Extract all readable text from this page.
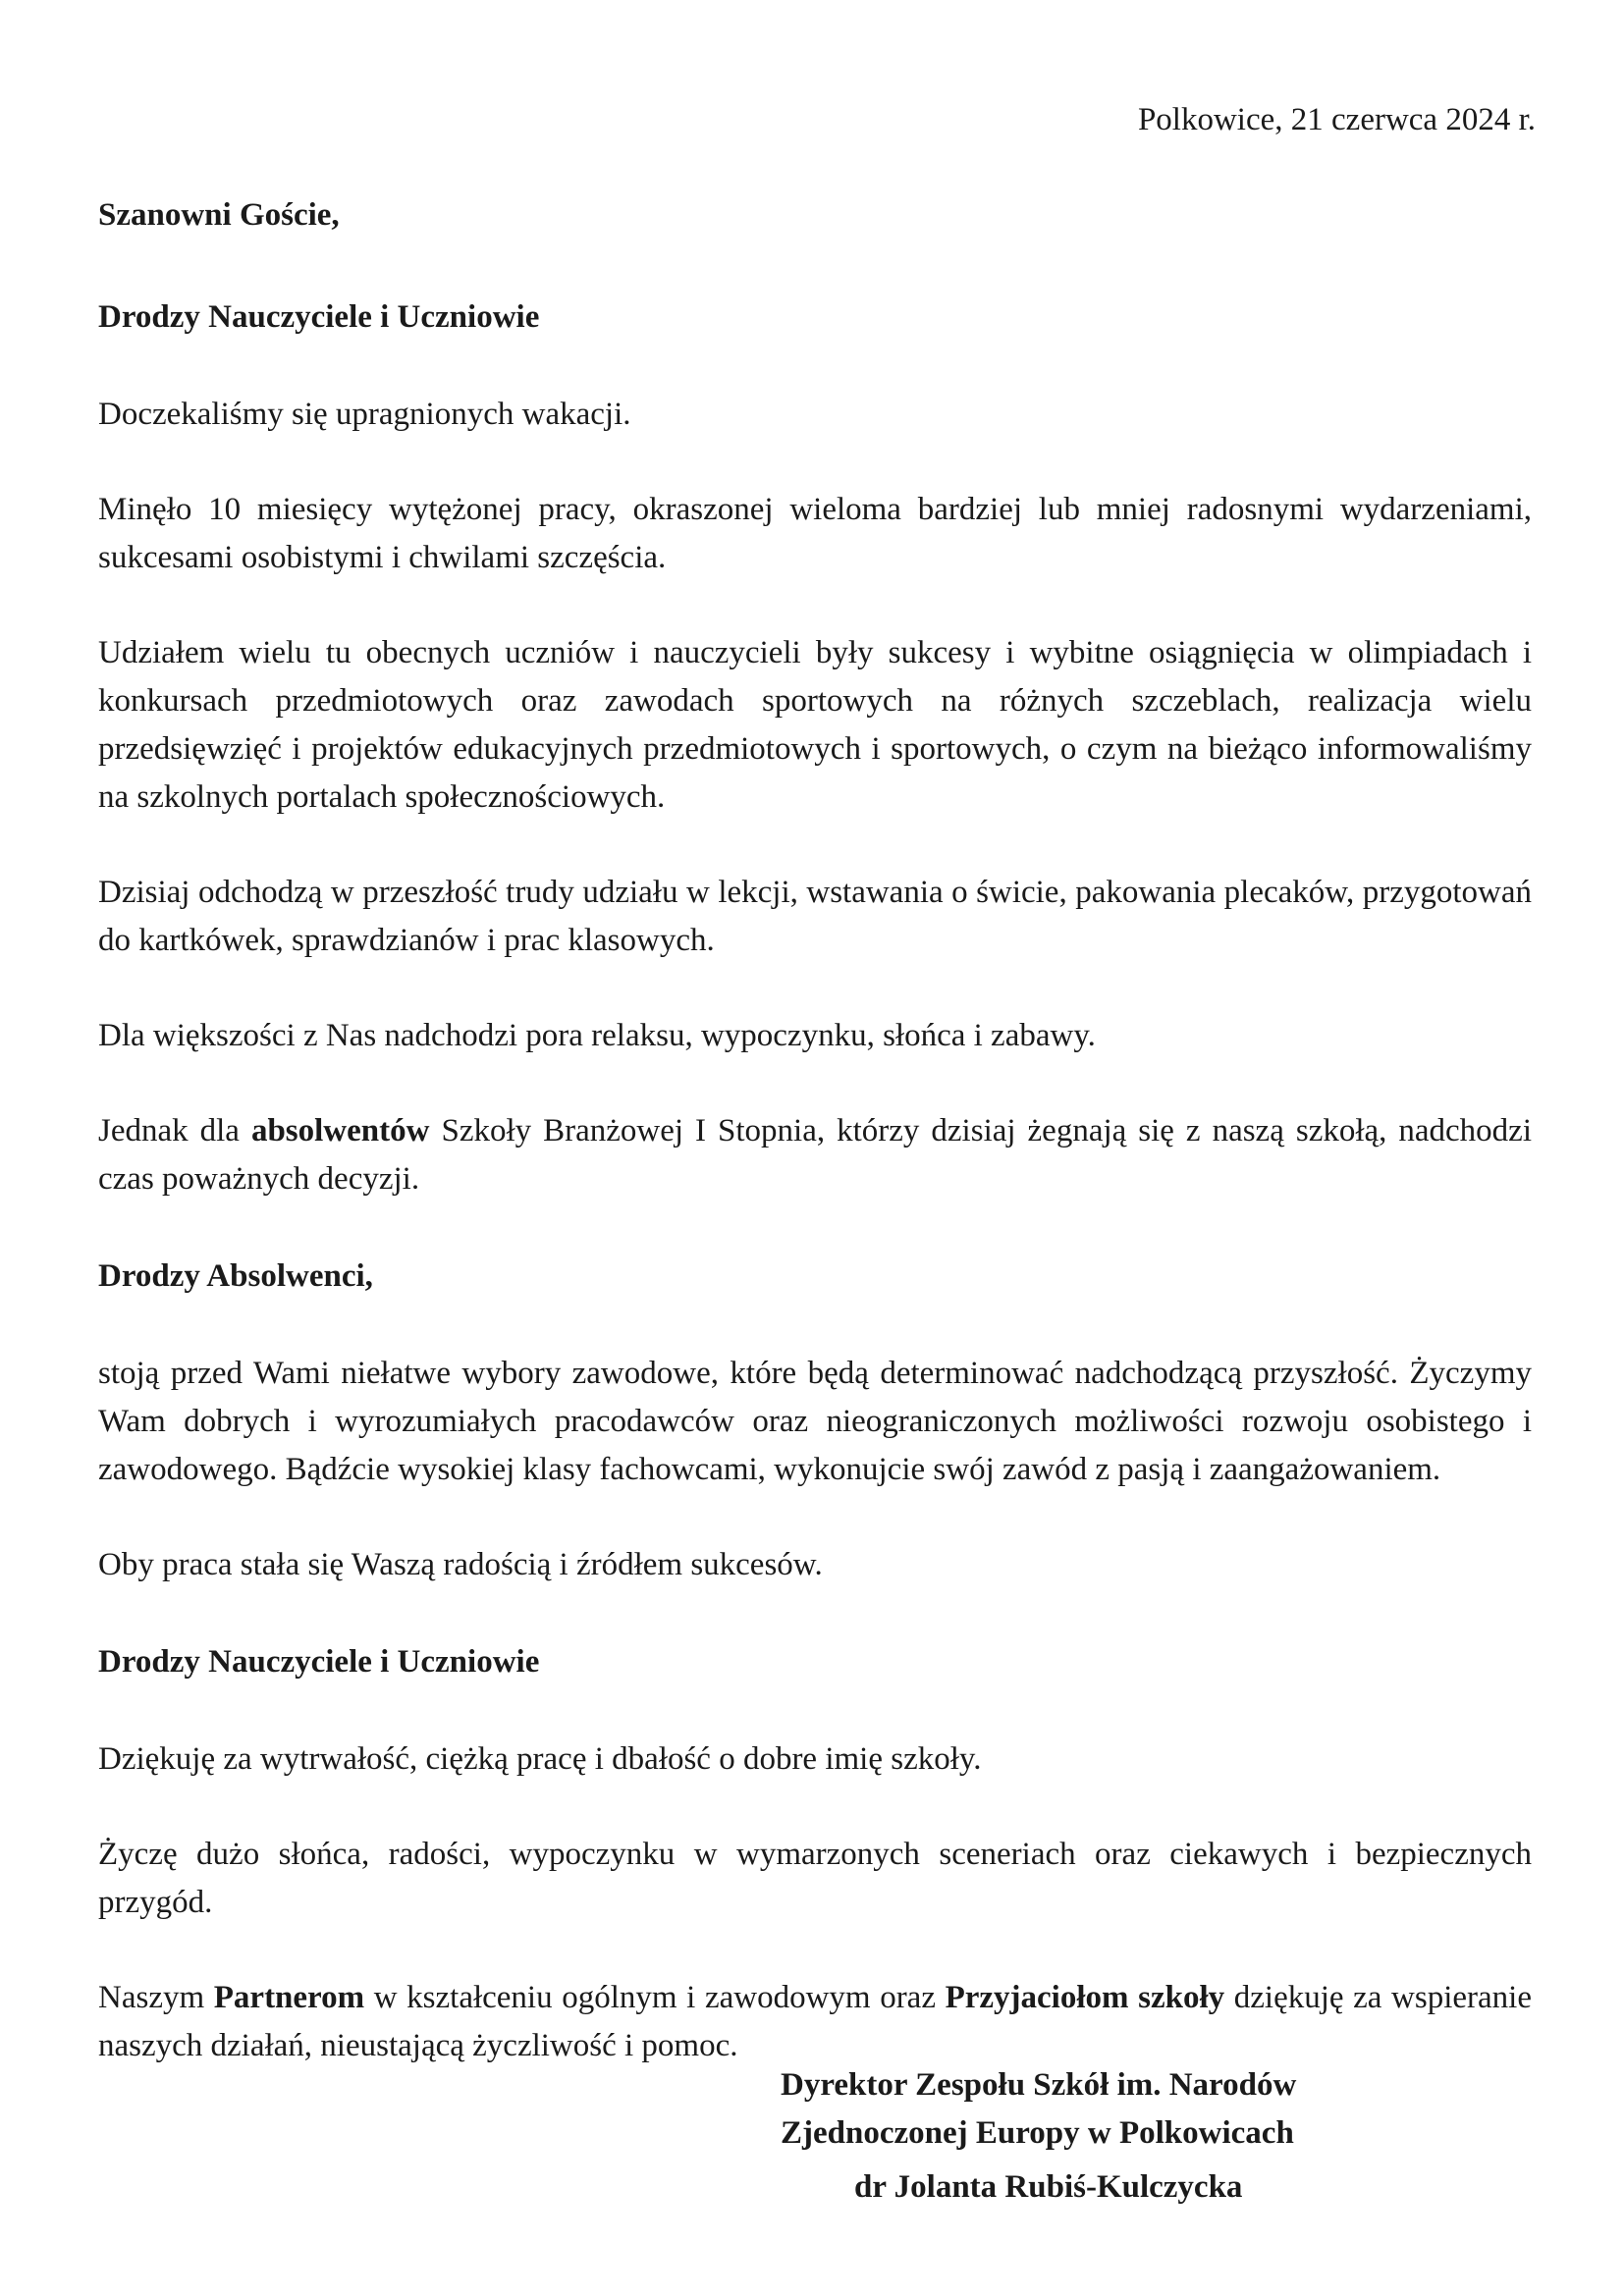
Polkowice, 21 czerwca 2024 r.

Szanowni Goście,

Drodzy Nauczyciele i Uczniowie

Doczekaliśmy się upragnionych wakacji.

Minęło 10 miesięcy wytężonej pracy, okraszonej wieloma bardziej lub mniej radosnymi wydarzeniami, sukcesami osobistymi i chwilami szczęścia.

Udziałem wielu tu obecnych uczniów i nauczycieli były sukcesy i wybitne osiągnięcia w olimpiadach i konkursach przedmiotowych oraz zawodach sportowych na różnych szczeblach, realizacja wielu przedsięwzięć i projektów edukacyjnych przedmiotowych i sportowych, o czym na bieżąco informowaliśmy na szkolnych portalach społecznościowych.

Dzisiaj odchodzą w przeszłość trudy udziału w lekcji, wstawania o świcie, pakowania plecaków, przygotowań do kartkówek, sprawdzianów i prac klasowych.

Dla większości z Nas nadchodzi pora relaksu, wypoczynku, słońca i zabawy.

Jednak dla absolwentów Szkoły Branżowej I Stopnia, którzy dzisiaj żegnają się z naszą szkołą, nadchodzi czas poważnych decyzji.

Drodzy Absolwenci,

stoją przed Wami niełatwe wybory zawodowe, które będą determinować nadchodzącą przyszłość. Życzymy Wam dobrych i wyrozumiałych pracodawców oraz nieograniczonych możliwości rozwoju osobistego i zawodowego. Bądźcie wysokiej klasy fachowcami, wykonujcie swój zawód z pasją i zaangażowaniem.

Oby praca stała się Waszą radością i źródłem sukcesów.

Drodzy Nauczyciele i Uczniowie

Dziękuję za wytrwałość, ciężką pracę i dbałość o dobre imię szkoły.

Życzę dużo słońca, radości, wypoczynku w wymarzonych sceneriach oraz ciekawych i bezpiecznych przygód.

Naszym Partnerom w kształceniu ogólnym i zawodowym oraz Przyjaciołom szkoły dziękuję za wspieranie naszych działań, nieustającą życzliwość i pomoc.

Dyrektor Zespołu Szkół im. Narodów

Zjednoczonej Europy w Polkowicach

dr Jolanta Rubiś-Kulczycka
